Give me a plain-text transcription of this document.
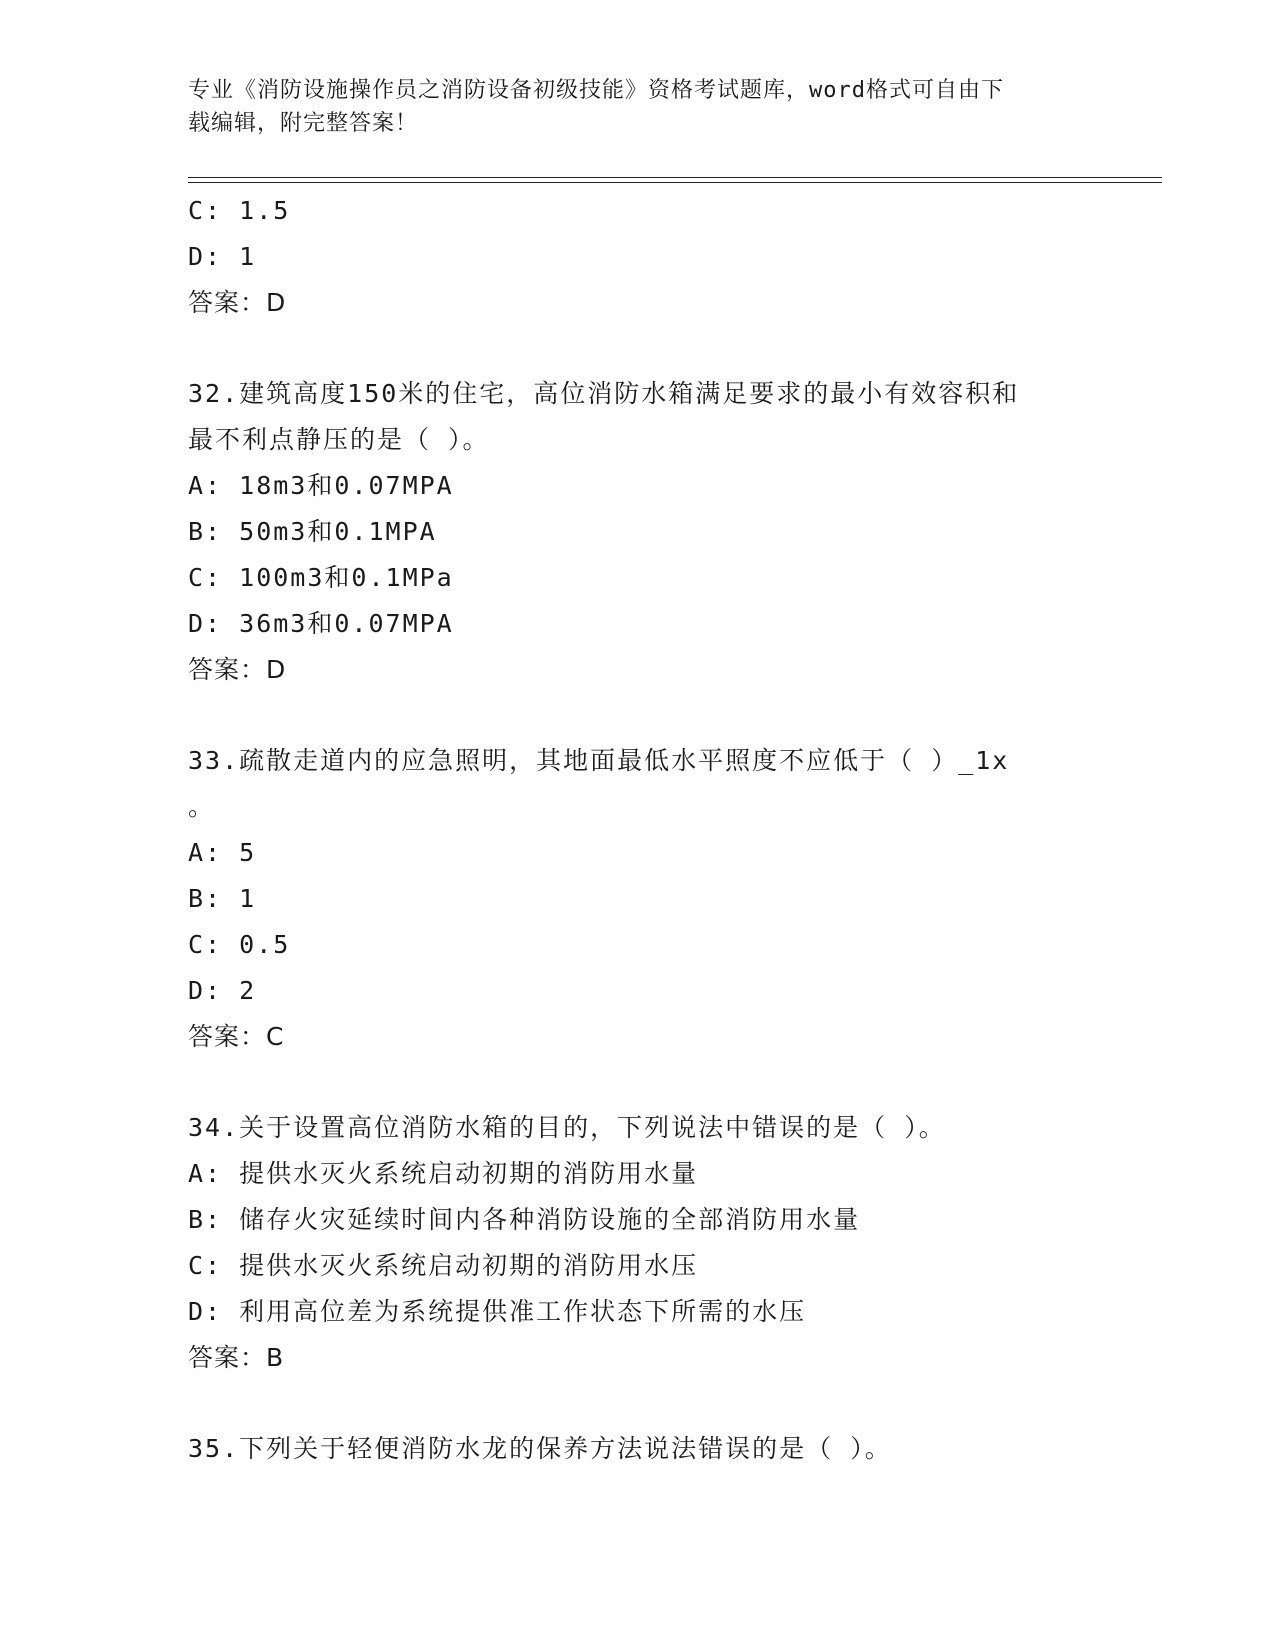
专业《消防设施操作员之消防设备初级技能》资格考试题库，word格式可自由下
载编辑，附完整答案！
C: 1.5
D: 1
答案：D
32.建筑高度150米的住宅，高位消防水箱满足要求的最小有效容积和
最不利点静压的是（ ）。
A: 18m3和0.07MPA
B: 50m3和0.1MPA
C: 100m3和0.1MPa
D: 36m3和0.07MPA
答案：D
33.疏散走道内的应急照明，其地面最低水平照度不应低于（ ）_1x
。
A: 5
B: 1
C: 0.5
D: 2
答案：C
34.关于设置高位消防水箱的目的，下列说法中错误的是（ ）。
A: 提供水灭火系统启动初期的消防用水量
B: 储存火灾延续时间内各种消防设施的全部消防用水量
C: 提供水灭火系统启动初期的消防用水压
D: 利用高位差为系统提供准工作状态下所需的水压
答案：B
35.下列关于轻便消防水龙的保养方法说法错误的是（ ）。
